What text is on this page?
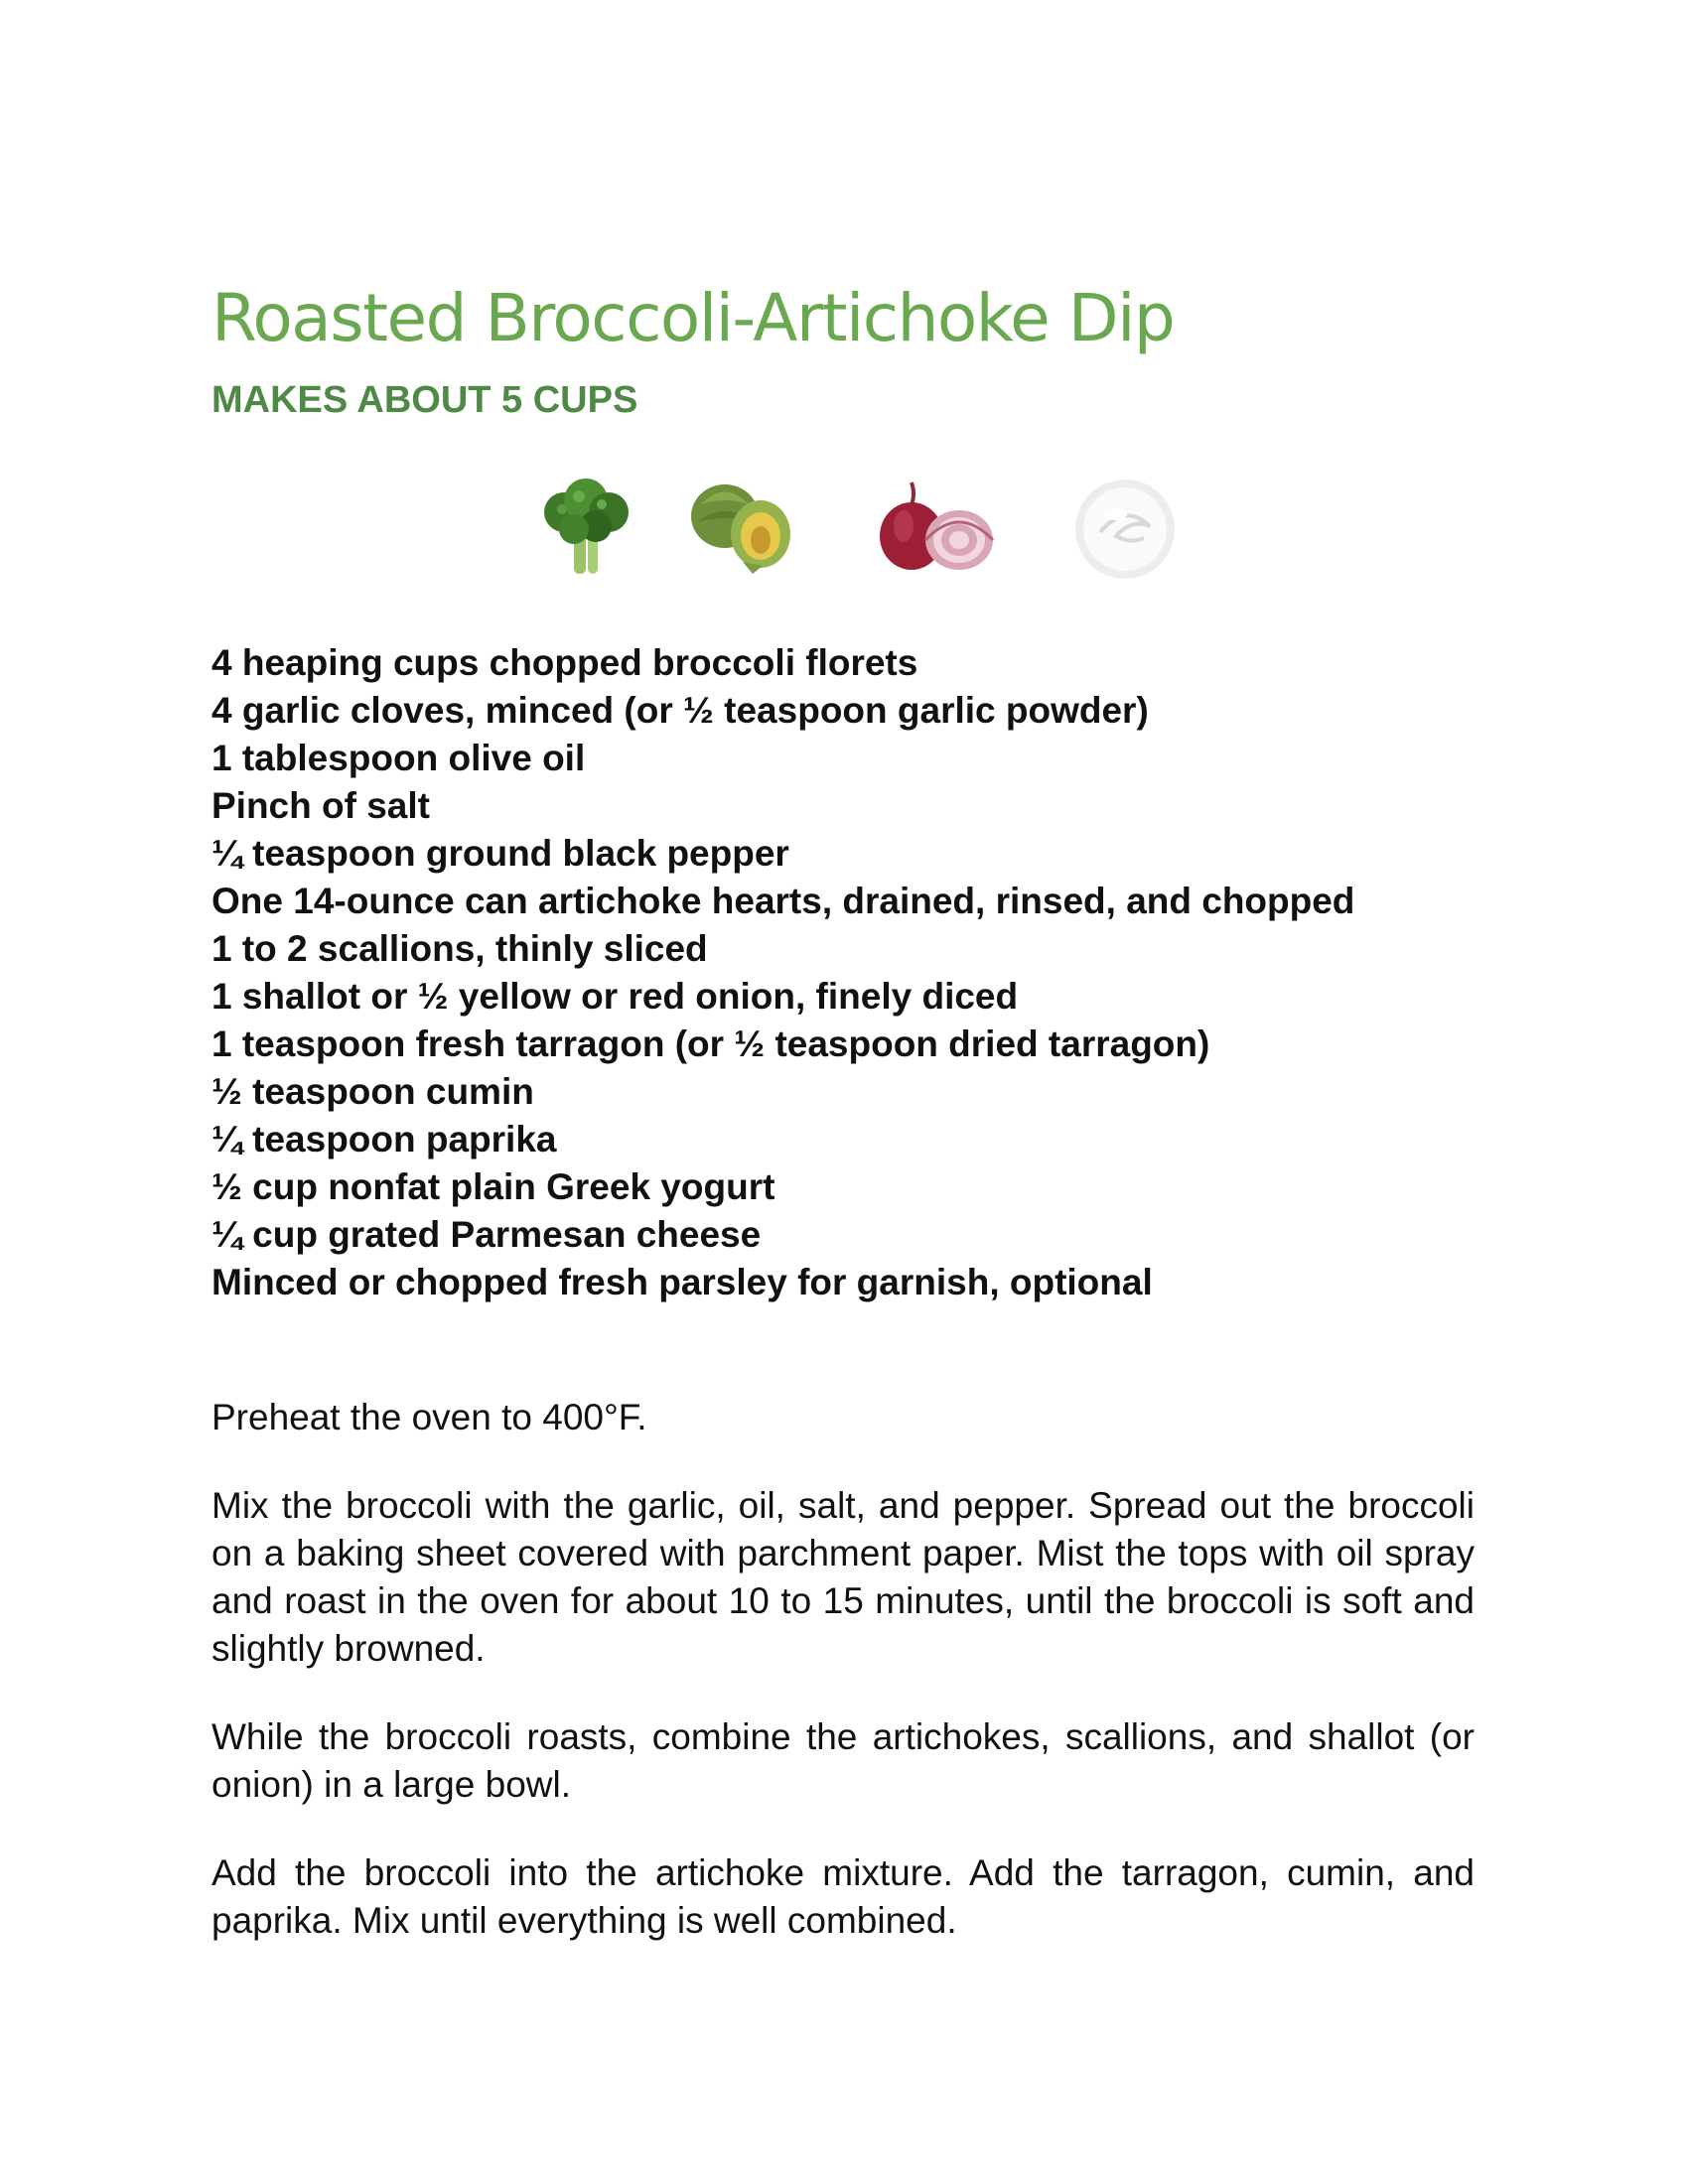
Roasted Broccoli-Artichoke Dip
MAKES ABOUT 5 CUPS
4 heaping cups chopped broccoli florets
4 garlic cloves, minced (or ½ teaspoon garlic powder)
1 tablespoon olive oil
Pinch of salt
¼ teaspoon ground black pepper
One 14-ounce can artichoke hearts, drained, rinsed, and chopped
1 to 2 scallions, thinly sliced
1 shallot or ½ yellow or red onion, finely diced
1 teaspoon fresh tarragon (or ½ teaspoon dried tarragon)
½ teaspoon cumin
¼ teaspoon paprika
½ cup nonfat plain Greek yogurt
¼ cup grated Parmesan cheese
Minced or chopped fresh parsley for garnish, optional

Preheat the oven to 400°F.

Mix the broccoli with the garlic, oil, salt, and pepper. Spread out the broccoli on a baking sheet covered with parchment paper. Mist the tops with oil spray and roast in the oven for about 10 to 15 minutes, until the broccoli is soft and slightly browned.

While the broccoli roasts, combine the artichokes, scallions, and shallot (or onion) in a large bowl.

Add the broccoli into the artichoke mixture. Add the tarragon, cumin, and paprika. Mix until everything is well combined.
